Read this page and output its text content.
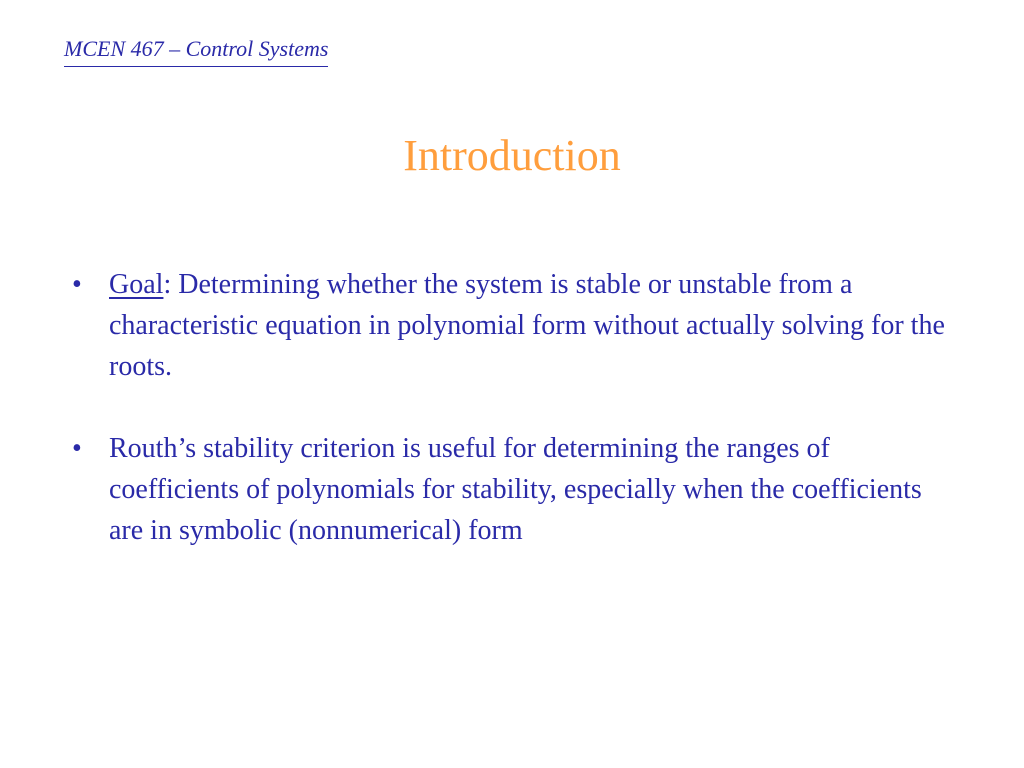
MCEN 467 – Control Systems
Introduction
• Goal: Determining whether the system is stable or unstable from a characteristic equation in polynomial form without actually solving for the roots.
• Routh’s stability criterion is useful for determining the ranges of coefficients of polynomials for stability, especially when the coefficients are in symbolic (nonnumerical) form
